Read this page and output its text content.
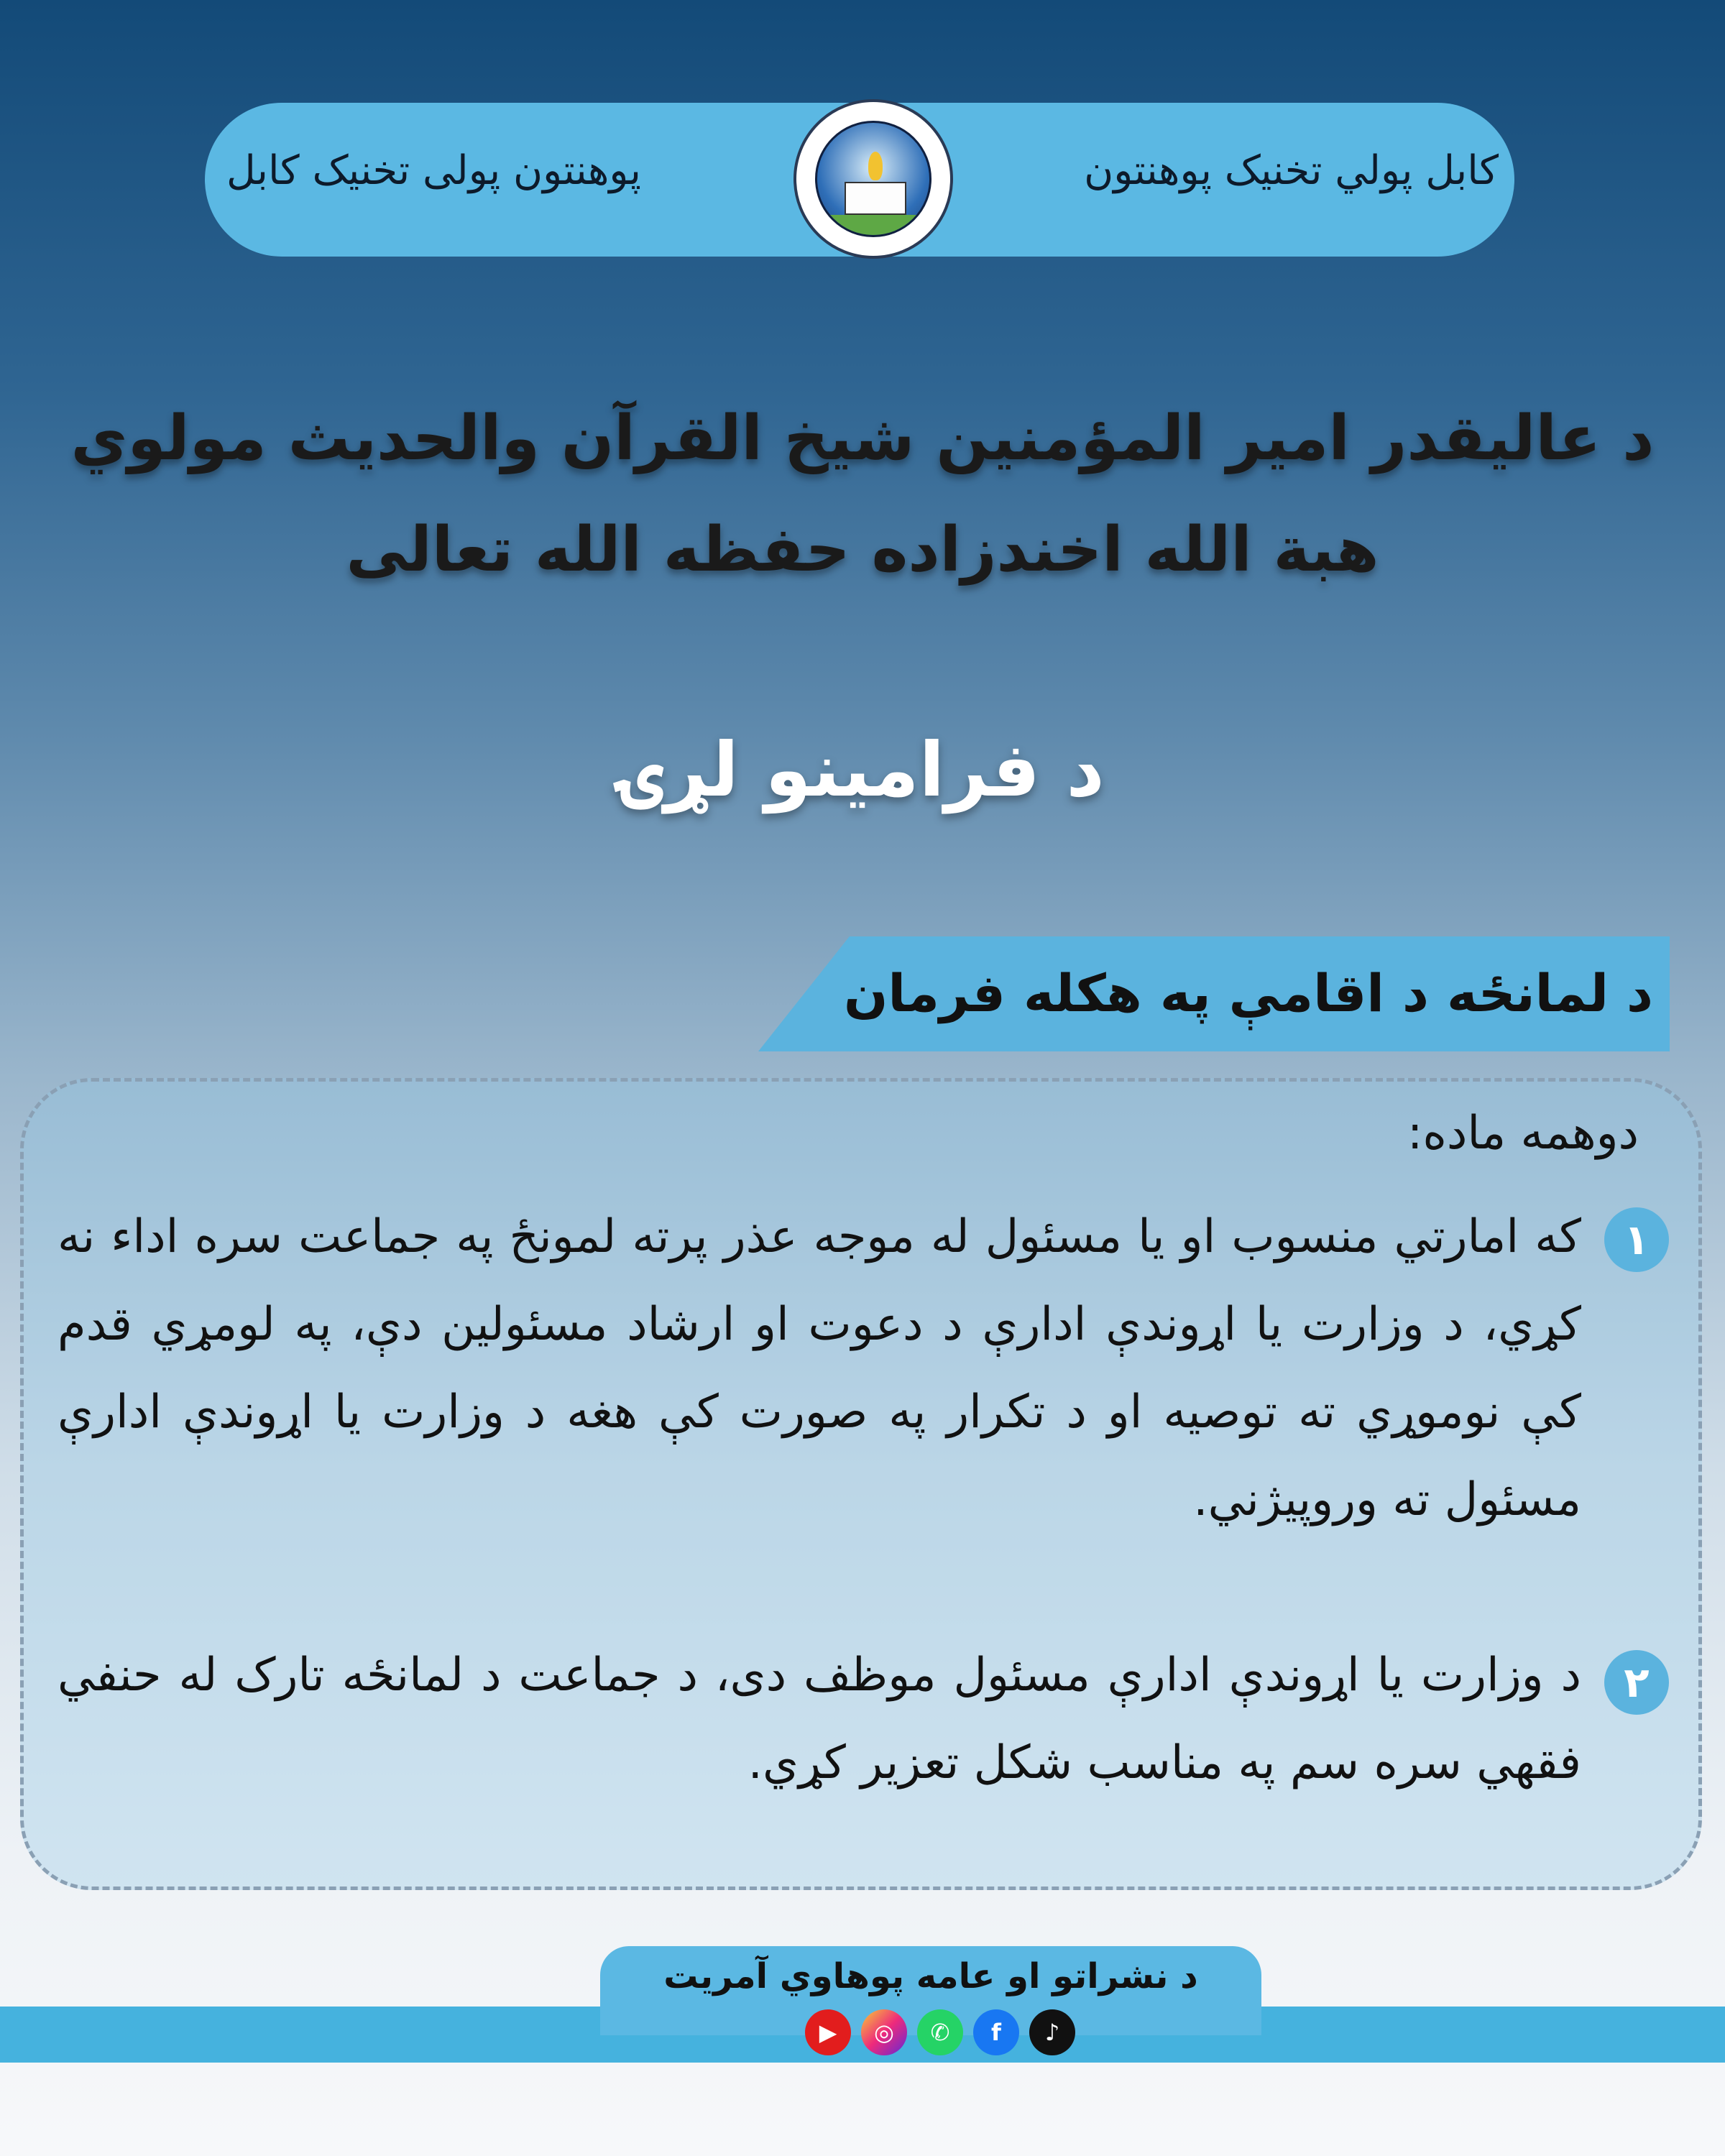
کابل پولي تخنیک پوهنتون
پوهنتون پولی تخنیک کابل
د عالیقدر امیر المؤمنین شیخ القرآن والحدیث مولوي
هبة الله اخندزاده حفظه الله تعالی
د فرامینو لړۍ
د لمانځه د اقامې په هکله فرمان
دوهمه ماده:
۱
که امارتي منسوب او یا مسئول له موجه عذر پرته لمونځ په جماعت سره اداء نه کړي، د وزارت یا اړوندې ادارې د دعوت او ارشاد مسئولین دې، په لومړي قدم کې نوموړي ته توصیه او د تکرار په صورت کې هغه د وزارت یا اړوندې ادارې مسئول ته وروپیژني.
۲
د وزارت یا اړوندې ادارې مسئول موظف دی، د جماعت د لمانځه تارک له حنفي فقهي سره سم په مناسب شکل تعزیر کړي.
د نشراتو او عامه پوهاوي آمریت
▶	◎	✆	f	♪
